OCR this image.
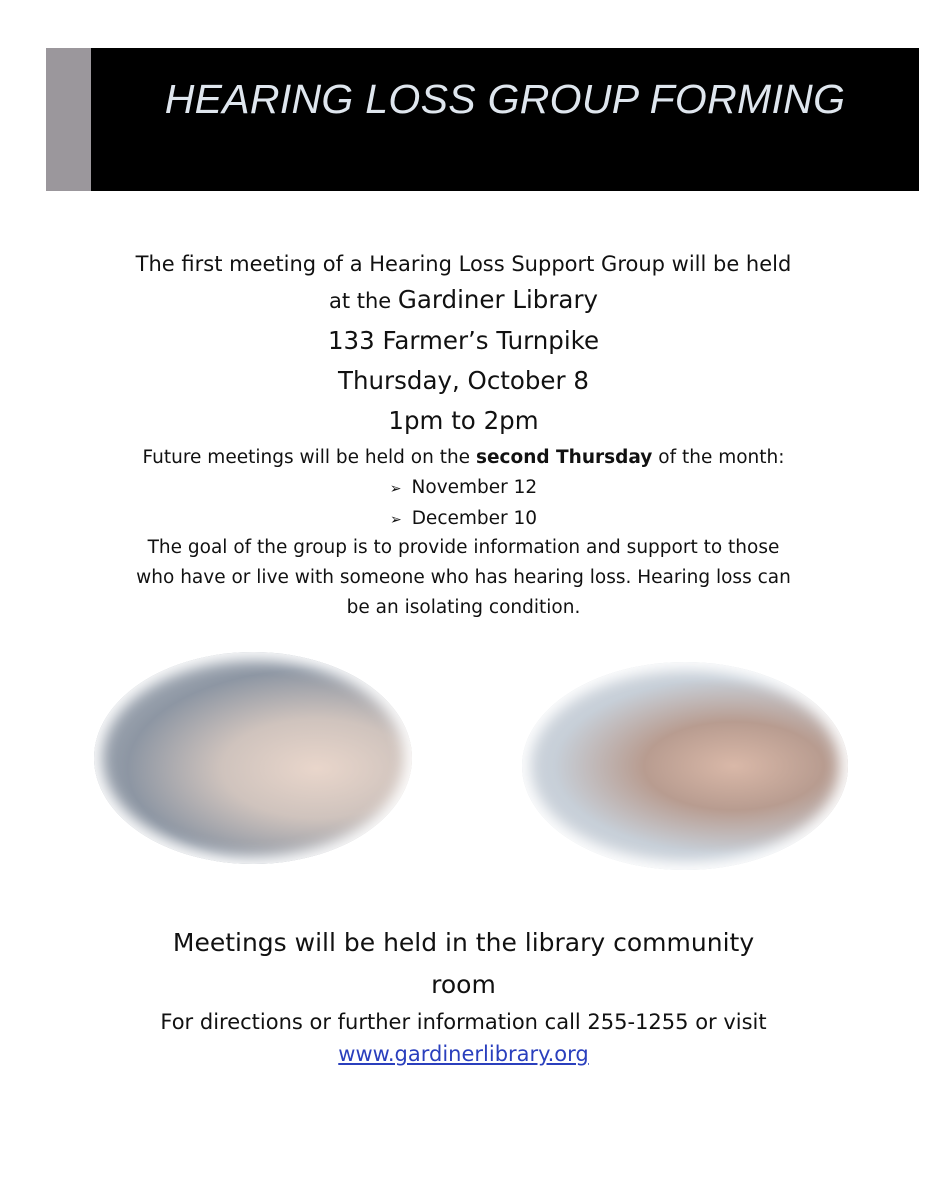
HEARING LOSS GROUP FORMING
The first meeting of a Hearing Loss Support Group will be held
at the Gardiner Library
133 Farmer’s Turnpike
Thursday, October 8
1pm to 2pm
Future meetings will be held on the second Thursday of the month:
➢ November 12
➢ December 10
The goal of the group is to provide information and support to those
who have or live with someone who has hearing loss. Hearing loss can
be an isolating condition.
Meetings will be held in the library community
room
For directions or further information call 255-1255 or visit
www.gardinerlibrary.org
